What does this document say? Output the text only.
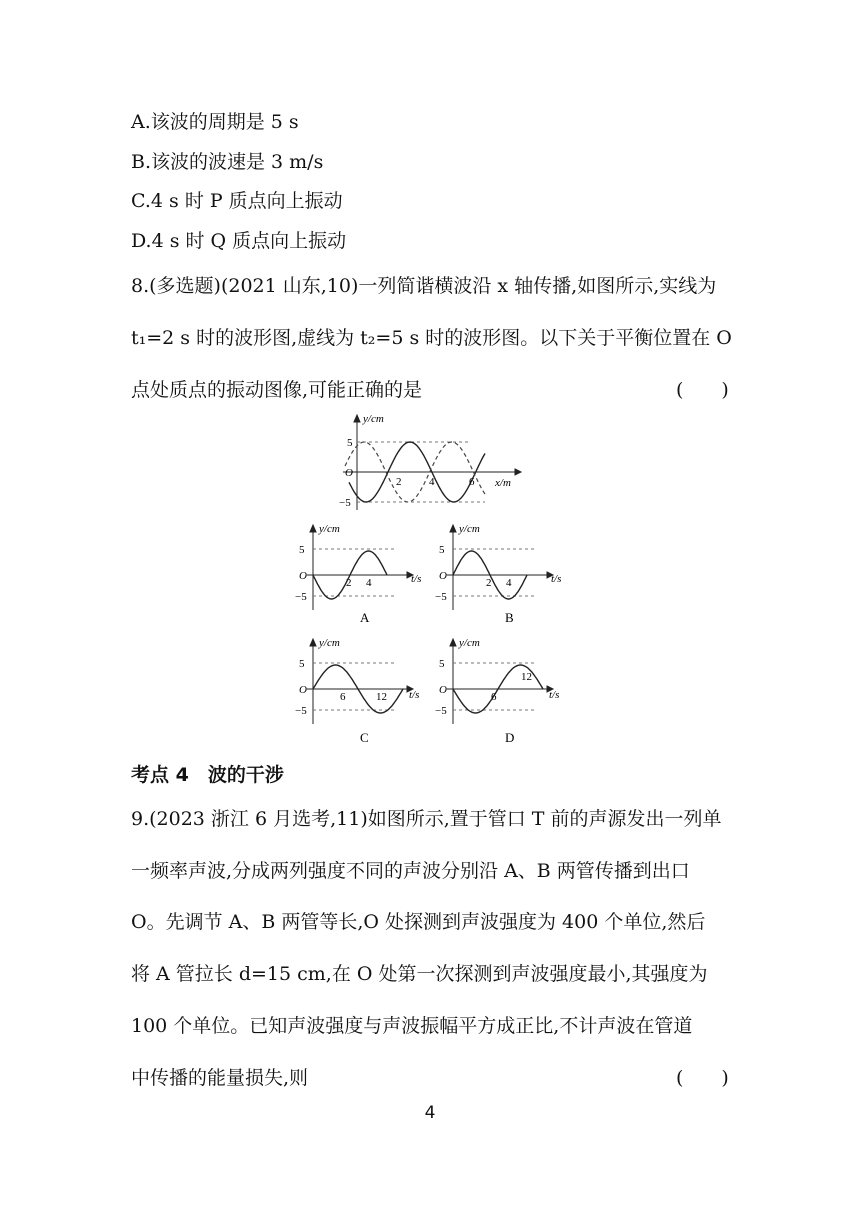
A.该波的周期是 5 s
B.该波的波速是 3 m/s
C.4 s 时 P 质点向上振动
D.4 s 时 Q 质点向上振动
8.(多选题)(2021 山东,10)一列简谐横波沿 x 轴传播,如图所示,实线为
t₁=2 s 时的波形图,虚线为 t₂=5 s 时的波形图。以下关于平衡位置在 O
点处质点的振动图像,可能正确的是	(　　)
y/cm
x/m
O
5
−5
2	4	6
y/cm
t/s
O
5
−5
2 4
A
y/cm
t/s
O
5
−5
2 4
B
y/cm
t/s
O
5
−5
6	12
C
y/cm
t/s
O
5
−5
6
12
D
考点 4　波的干涉
9.(2023 浙江 6 月选考,11)如图所示,置于管口 T 前的声源发出一列单
一频率声波,分成两列强度不同的声波分别沿 A、B 两管传播到出口
O。先调节 A、B 两管等长,O 处探测到声波强度为 400 个单位,然后
将 A 管拉长 d=15 cm,在 O 处第一次探测到声波强度最小,其强度为
100 个单位。已知声波强度与声波振幅平方成正比,不计声波在管道
中传播的能量损失,则	(　　)
4
